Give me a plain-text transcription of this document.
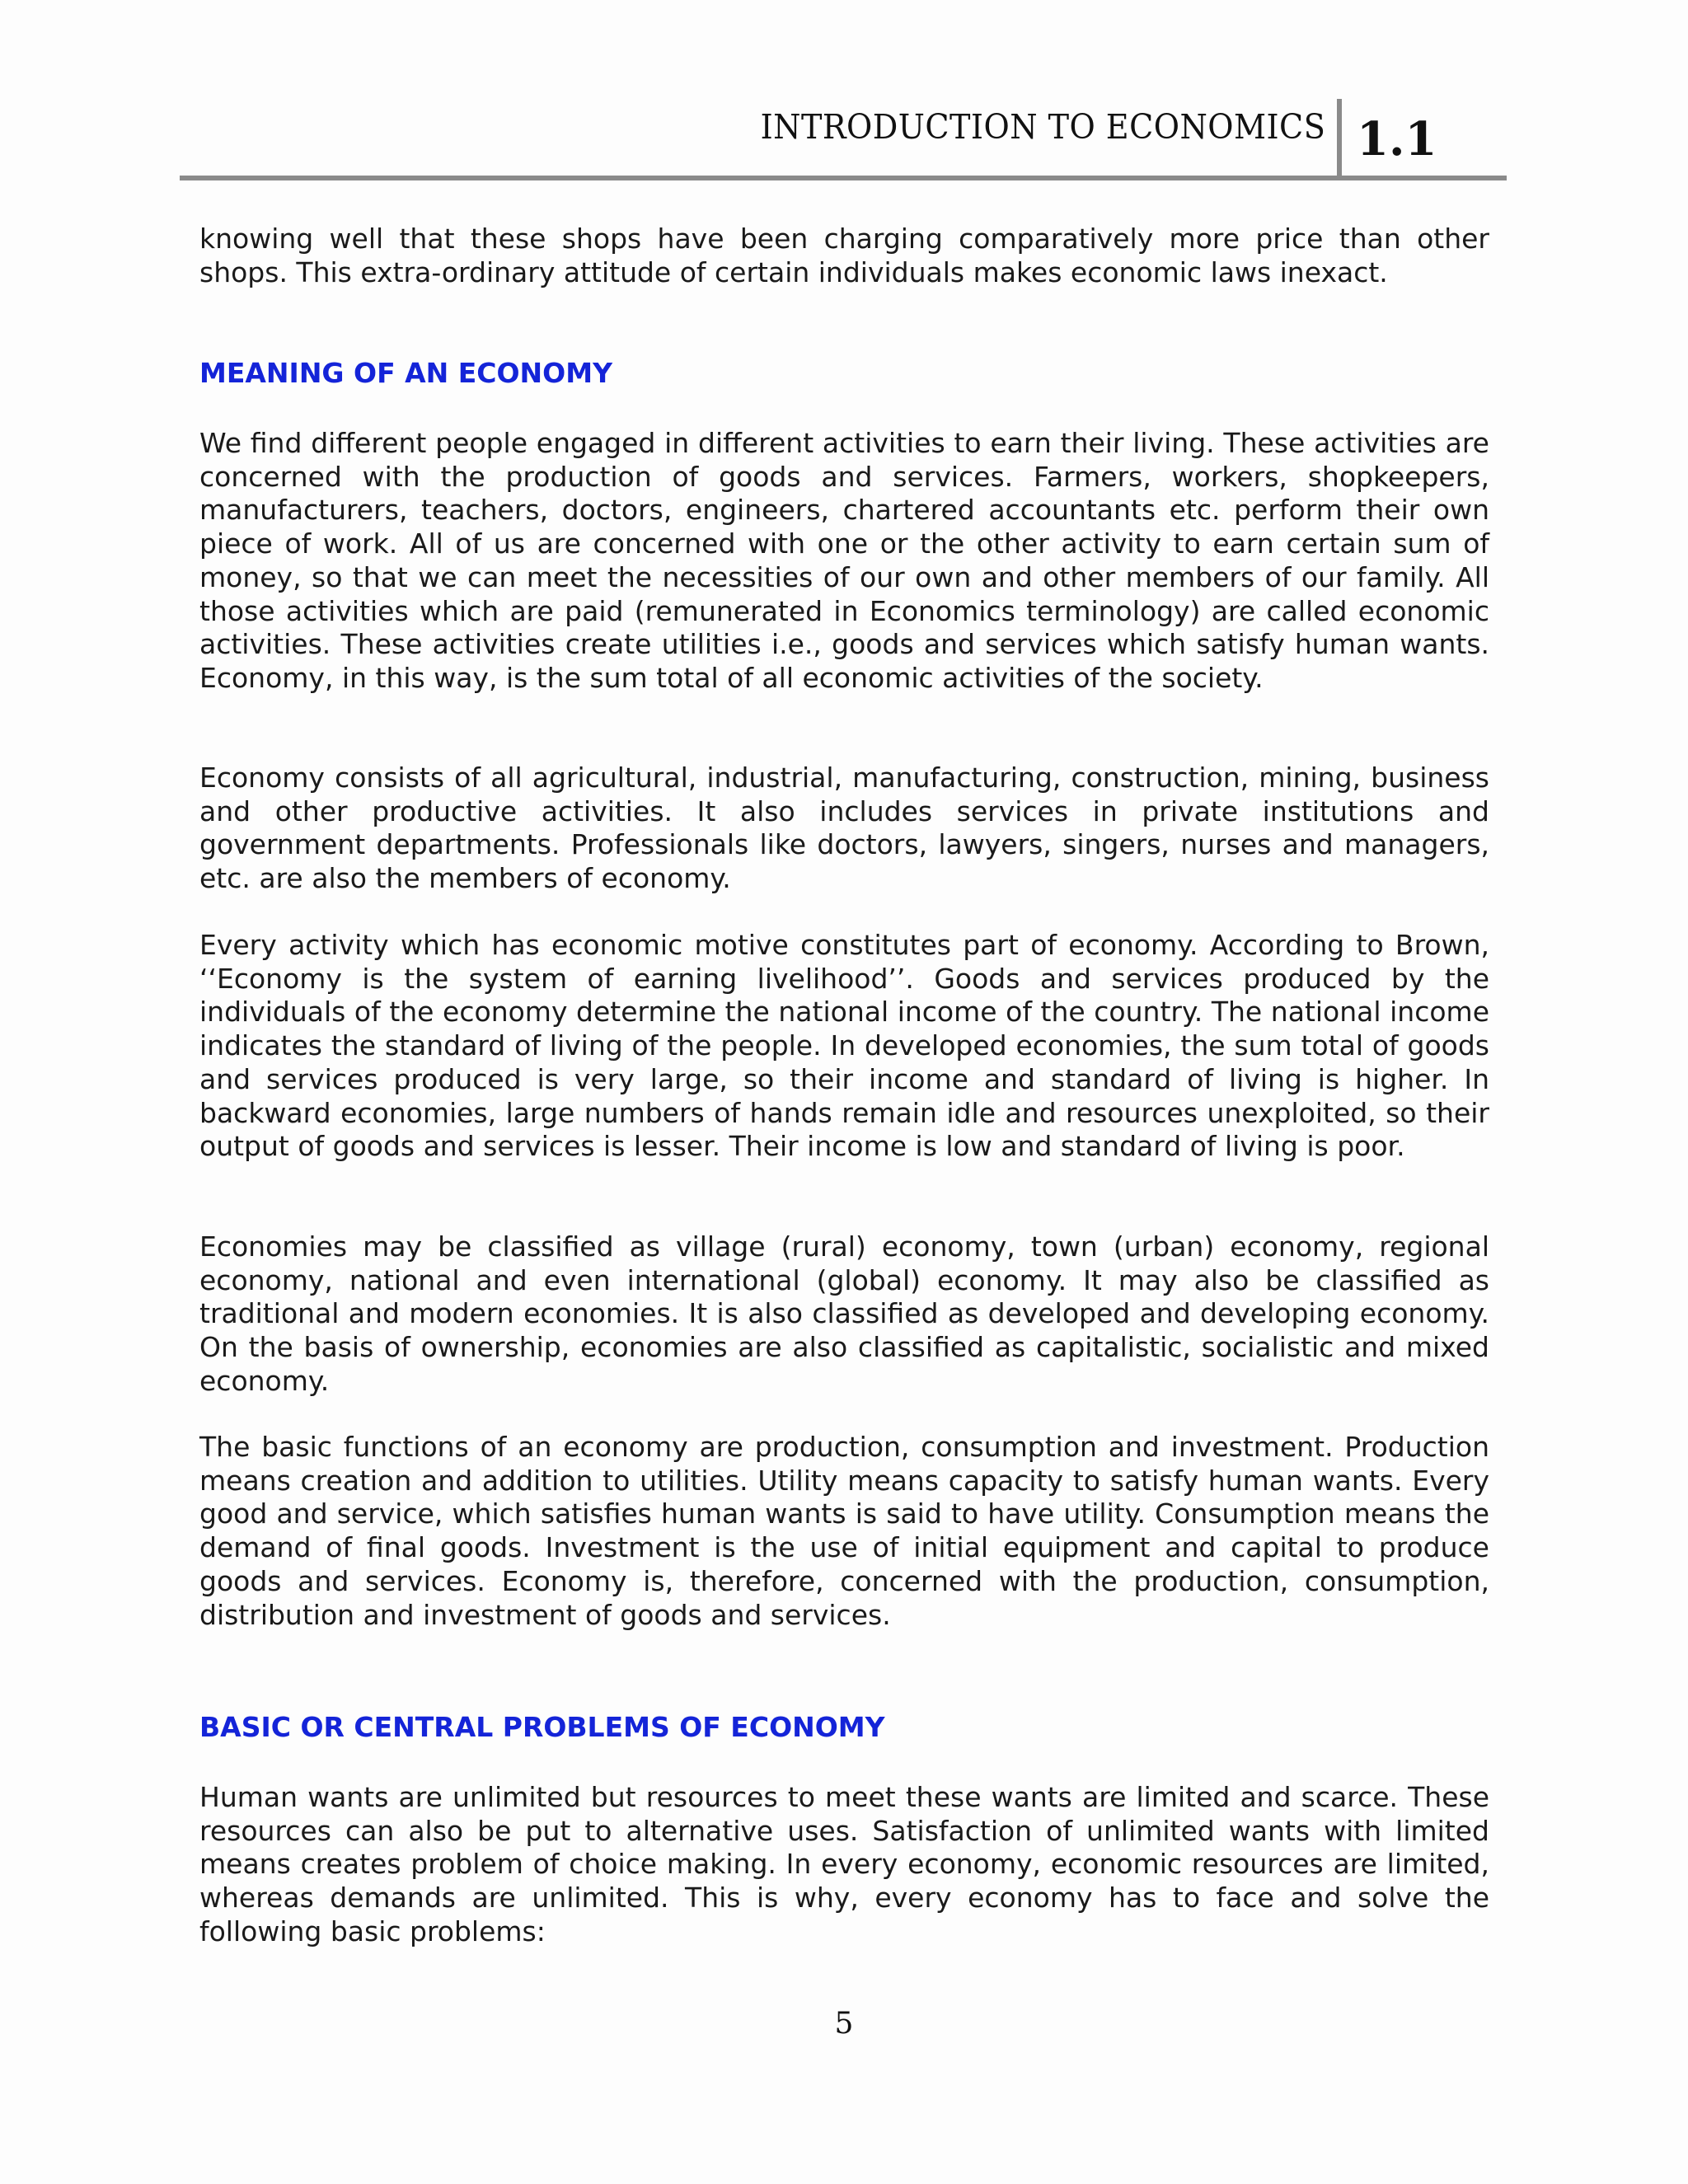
INTRODUCTION TO ECONOMICS 1.1

knowing well that these shops have been charging comparatively more price than other shops. This extra-ordinary attitude of certain individuals makes economic laws inexact.

MEANING OF AN ECONOMY

We find different people engaged in different activities to earn their living. These activities are concerned with the production of goods and services. Farmers, workers, shopkeepers, manufacturers, teachers, doctors, engineers, chartered accountants etc. perform their own piece of work. All of us are concerned with one or the other activity to earn certain sum of money, so that we can meet the necessities of our own and other members of our family. All those activities which are paid (remunerated in Economics terminology) are called economic activities. These activities create utilities i.e., goods and services which satisfy human wants. Economy, in this way, is the sum total of all economic activities of the society.

Economy consists of all agricultural, industrial, manufacturing, construction, mining, business and other productive activities. It also includes services in private institutions and government departments. Professionals like doctors, lawyers, singers, nurses and managers, etc. are also the members of economy.

Every activity which has economic motive constitutes part of economy. According to Brown, ‘‘Economy is the system of earning livelihood’’. Goods and services produced by the individuals of the economy determine the national income of the country. The national income indicates the standard of living of the people. In developed economies, the sum total of goods and services produced is very large, so their income and standard of living is higher. In backward economies, large numbers of hands remain idle and resources unexploited, so their output of goods and services is lesser. Their income is low and standard of living is poor.

Economies may be classified as village (rural) economy, town (urban) economy, regional economy, national and even international (global) economy. It may also be classified as traditional and modern economies. It is also classified as developed and developing economy. On the basis of ownership, economies are also classified as capitalistic, socialistic and mixed economy.

The basic functions of an economy are production, consumption and investment. Production means creation and addition to utilities. Utility means capacity to satisfy human wants. Every good and service, which satisfies human wants is said to have utility. Consumption means the demand of final goods. Investment is the use of initial equipment and capital to produce goods and services. Economy is, therefore, concerned with the production, consumption, distribution and investment of goods and services.

BASIC OR CENTRAL PROBLEMS OF ECONOMY

Human wants are unlimited but resources to meet these wants are limited and scarce. These resources can also be put to alternative uses. Satisfaction of unlimited wants with limited means creates problem of choice making. In every economy, economic resources are limited, whereas demands are unlimited. This is why, every economy has to face and solve the following basic problems:

5
